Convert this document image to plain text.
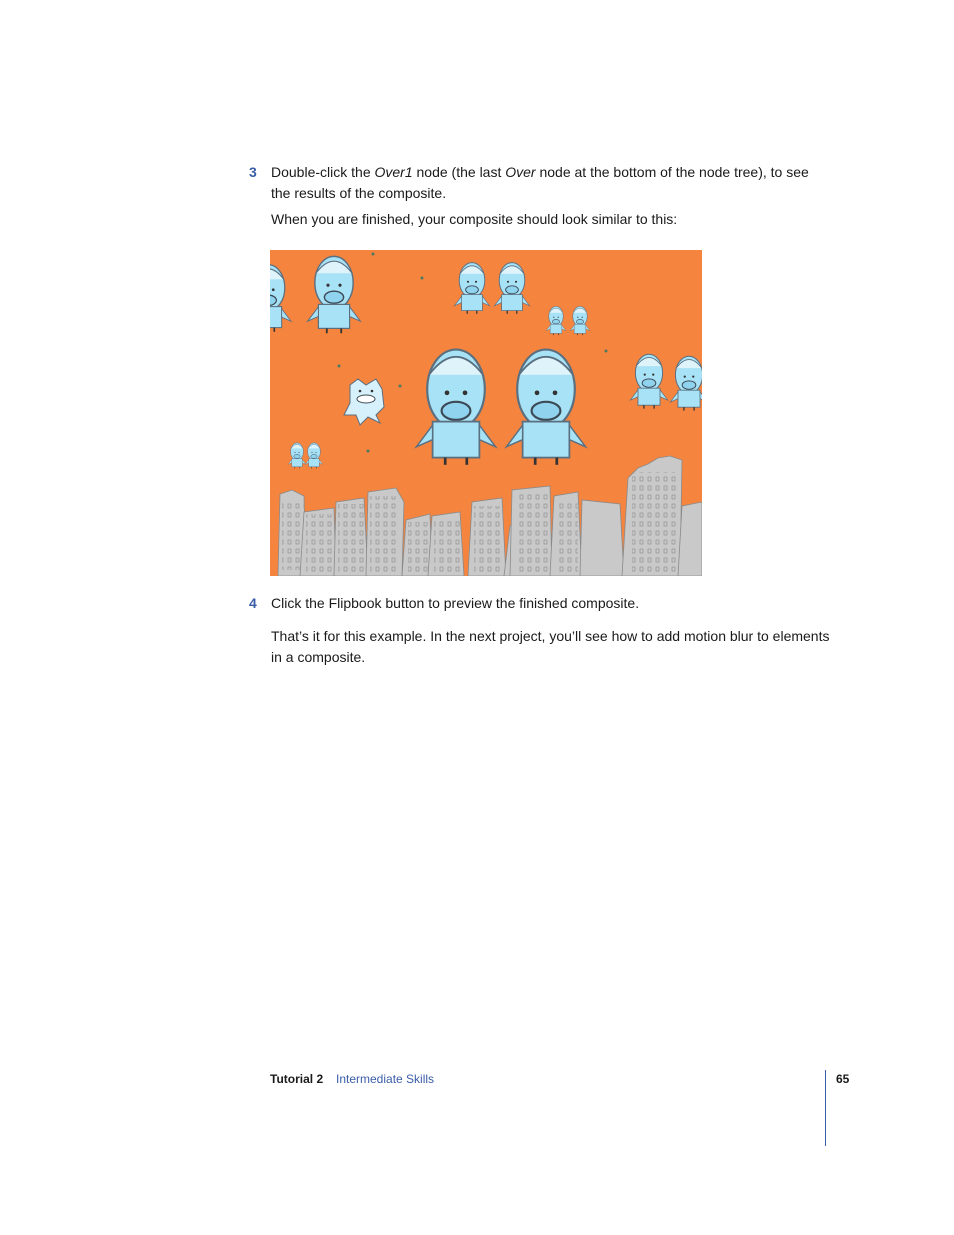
3	Double-click the Over1 node (the last Over node at the bottom of the node tree), to see the results of the composite.
When you are finished, your composite should look similar to this:
4	Click the Flipbook button to preview the finished composite.
That’s it for this example. In the next project, you’ll see how to add motion blur to elements in a composite.
Tutorial 2 Intermediate Skills	65
